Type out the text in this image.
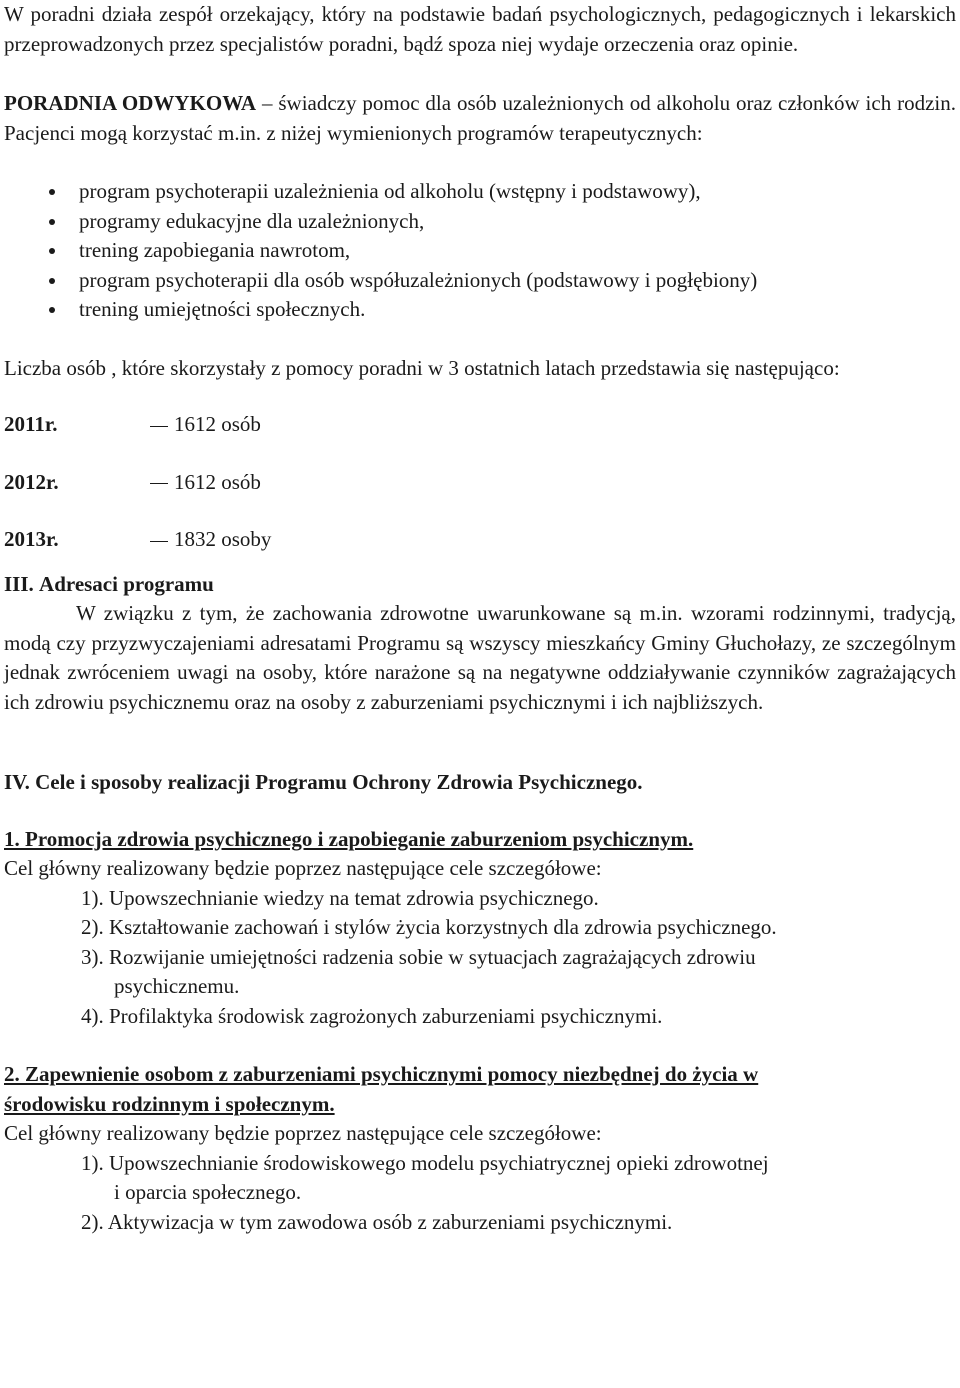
W poradni działa zespół orzekający, który na podstawie badań psychologicznych, pedagogicznych i lekarskich przeprowadzonych przez specjalistów poradni, bądź spoza niej wydaje orzeczenia oraz opinie.

PORADNIA ODWYKOWA – świadczy pomoc dla osób uzależnionych od alkoholu oraz członków ich rodzin. Pacjenci mogą korzystać m.in. z niżej wymienionych programów terapeutycznych:

program psychoterapii uzależnienia od alkoholu (wstępny i podstawowy),
programy edukacyjne dla uzależnionych,
trening zapobiegania nawrotom,
program psychoterapii dla osób współuzależnionych (podstawowy i pogłębiony)
trening umiejętności społecznych.

Liczba osób , które skorzystały z pomocy poradni w 3 ostatnich latach przedstawia się następująco:

2011r.	1612 osób
2012r.	1612 osób
2013r.	1832 osoby

III. Adresaci programu

W związku z tym, że zachowania zdrowotne uwarunkowane są m.in. wzorami rodzinnymi, tradycją, modą czy przyzwyczajeniami adresatami Programu są wszyscy mieszkańcy Gminy Głuchołazy, ze szczególnym jednak zwróceniem uwagi na osoby, które narażone są na negatywne oddziaływanie czynników zagrażających ich zdrowiu psychicznemu oraz na osoby z zaburzeniami psychicznymi i ich najbliższych.

IV. Cele i sposoby realizacji Programu Ochrony Zdrowia Psychicznego.

1. Promocja zdrowia psychicznego i zapobieganie zaburzeniom psychicznym.

Cel główny realizowany będzie poprzez następujące cele szczegółowe:

1). Upowszechnianie wiedzy na temat zdrowia psychicznego.
2). Kształtowanie zachowań i stylów życia korzystnych dla zdrowia psychicznego.
3). Rozwijanie umiejętności radzenia sobie w sytuacjach zagrażających zdrowiu
psychicznemu.
4). Profilaktyka środowisk zagrożonych zaburzeniami psychicznymi.

2. Zapewnienie osobom z zaburzeniami psychicznymi pomocy niezbędnej do życia w

środowisku rodzinnym i społecznym.

Cel główny realizowany będzie poprzez następujące cele szczegółowe:

1). Upowszechnianie środowiskowego modelu psychiatrycznej opieki zdrowotnej
i oparcia społecznego.
2). Aktywizacja w tym zawodowa osób z zaburzeniami psychicznymi.
